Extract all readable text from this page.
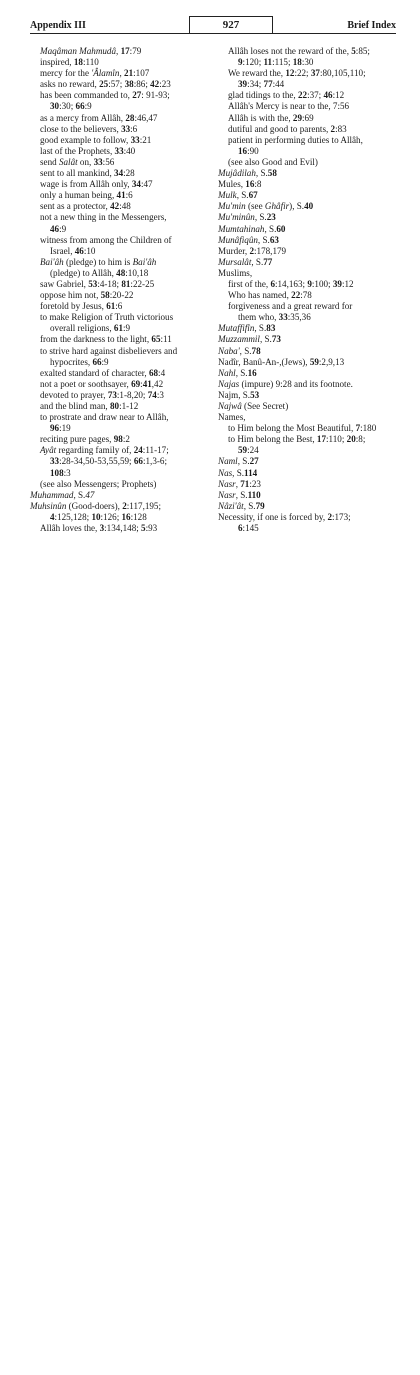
Appendix III	927	Brief Index
Maqâman Mahmudâ, 17:79
inspired, 18:110
mercy for the 'Âlamîn, 21:107
asks no reward, 25:57; 38:86; 42:23
has been commanded to, 27: 91-93;
30:30; 66:9
as a mercy from Allâh, 28:46,47
close to the believers, 33:6
good example to follow, 33:21
last of the Prophets, 33:40
send Salât on, 33:56
sent to all mankind, 34:28
wage is from Allâh only, 34:47
only a human being, 41:6
sent as a protector, 42:48
not a new thing in the Messengers,
46:9
witness from among the Children of
Israel, 46:10
Bai'âh (pledge) to him is Bai'âh
(pledge) to Allâh, 48:10,18
saw Gabriel, 53:4-18; 81:22-25
oppose him not, 58:20-22
foretold by Jesus, 61:6
to make Religion of Truth victorious
overall religions, 61:9
from the darkness to the light, 65:11
to strive hard against disbelievers and
hypocrites, 66:9
exalted standard of character, 68:4
not a poet or soothsayer, 69:41,42
devoted to prayer, 73:1-8,20; 74:3
and the blind man, 80:1-12
to prostrate and draw near to Allâh,
96:19
reciting pure pages, 98:2
Ayât regarding family of, 24:11-17;
33:28-34,50-53,55,59; 66:1,3-6;
108:3
(see also Messengers; Prophets)
Muhammad, S.47
Muhsinûn (Good-doers), 2:117,195;
4:125,128; 10:126; 16:128
Allâh loves the, 3:134,148; 5:93
Allâh loses not the reward of the, 5:85;
9:120; 11:115; 18:30
We reward the, 12:22; 37:80,105,110;
39:34; 77:44
glad tidings to the, 22:37; 46:12
Allâh's Mercy is near to the, 7:56
Allâh is with the, 29:69
dutiful and good to parents, 2:83
patient in performing duties to Allâh,
16:90
(see also Good and Evil)
Mujâdilah, S.58
Mules, 16:8
Mulk, S.67
Mu'min (see Ghâfir), S.40
Mu'minûn, S.23
Mumtahinah, S.60
Munâfiqûn, S.63
Murder, 2:178,179
Mursalât, S.77
Muslims,
first of the, 6:14,163; 9:100; 39:12
Who has named, 22:78
forgiveness and a great reward for
them who, 33:35,36
Mutaffifîn, S.83
Muzzammil, S.73
Naba', S.78
Nadîr, Banû-An-,(Jews), 59:2,9,13
Nahl, S.16
Najas (impure) 9:28 and its footnote.
Najm, S.53
Najwâ (See Secret)
Names,
to Him belong the Most Beautiful, 7:180
to Him belong the Best, 17:110; 20:8;
59:24
Naml, S.27
Nas, S.114
Nasr, 71:23
Nasr, S.110
Nâzi'ât, S.79
Necessity, if one is forced by, 2:173;
6:145
